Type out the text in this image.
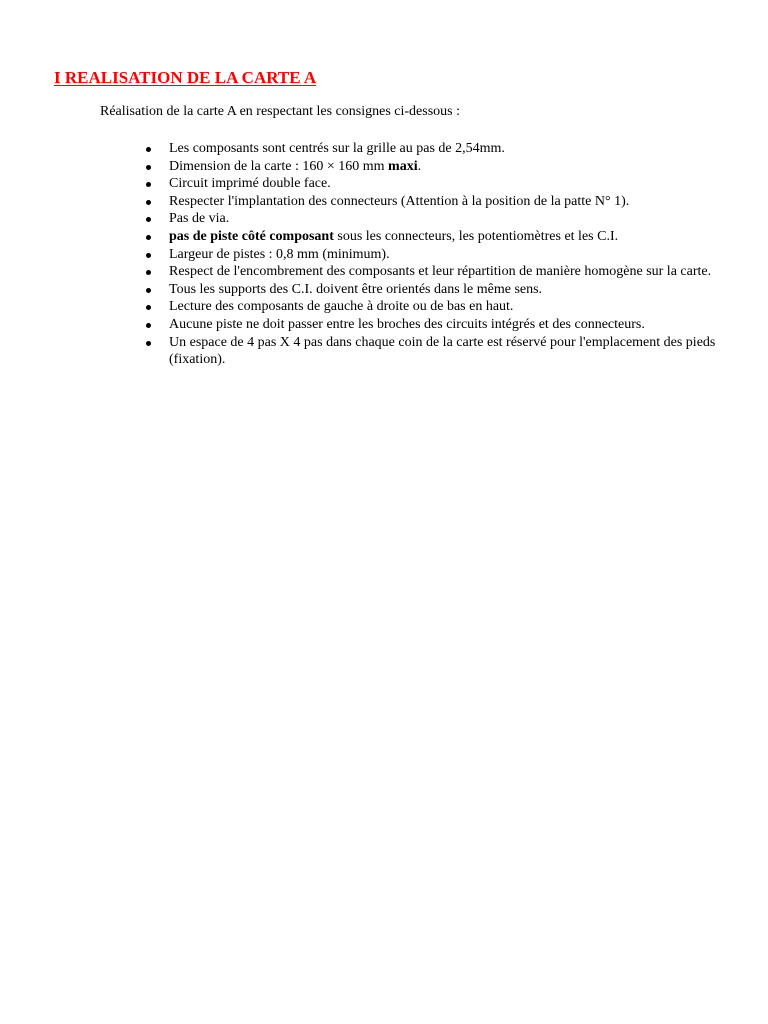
I REALISATION DE LA CARTE A

Réalisation de la carte A en respectant les consignes ci-dessous :

Les composants sont centrés sur la grille au pas de 2,54mm.
Dimension de la carte : 160 × 160 mm maxi.
Circuit imprimé double face.
Respecter l'implantation des connecteurs (Attention à la position de la patte N° 1).
Pas de via.
pas de piste côté composant sous les connecteurs, les potentiomètres et les C.I.
Largeur de pistes : 0,8 mm (minimum).
Respect de l'encombrement des composants et leur répartition de manière homogène sur la carte.
Tous les supports des C.I. doivent être orientés dans le même sens.
Lecture des composants de gauche à droite ou de bas en haut.
Aucune piste ne doit passer entre les broches des circuits intégrés et des connecteurs.
Un espace de 4 pas X 4 pas dans chaque coin de la carte est réservé pour l'emplacement des pieds (fixation).
